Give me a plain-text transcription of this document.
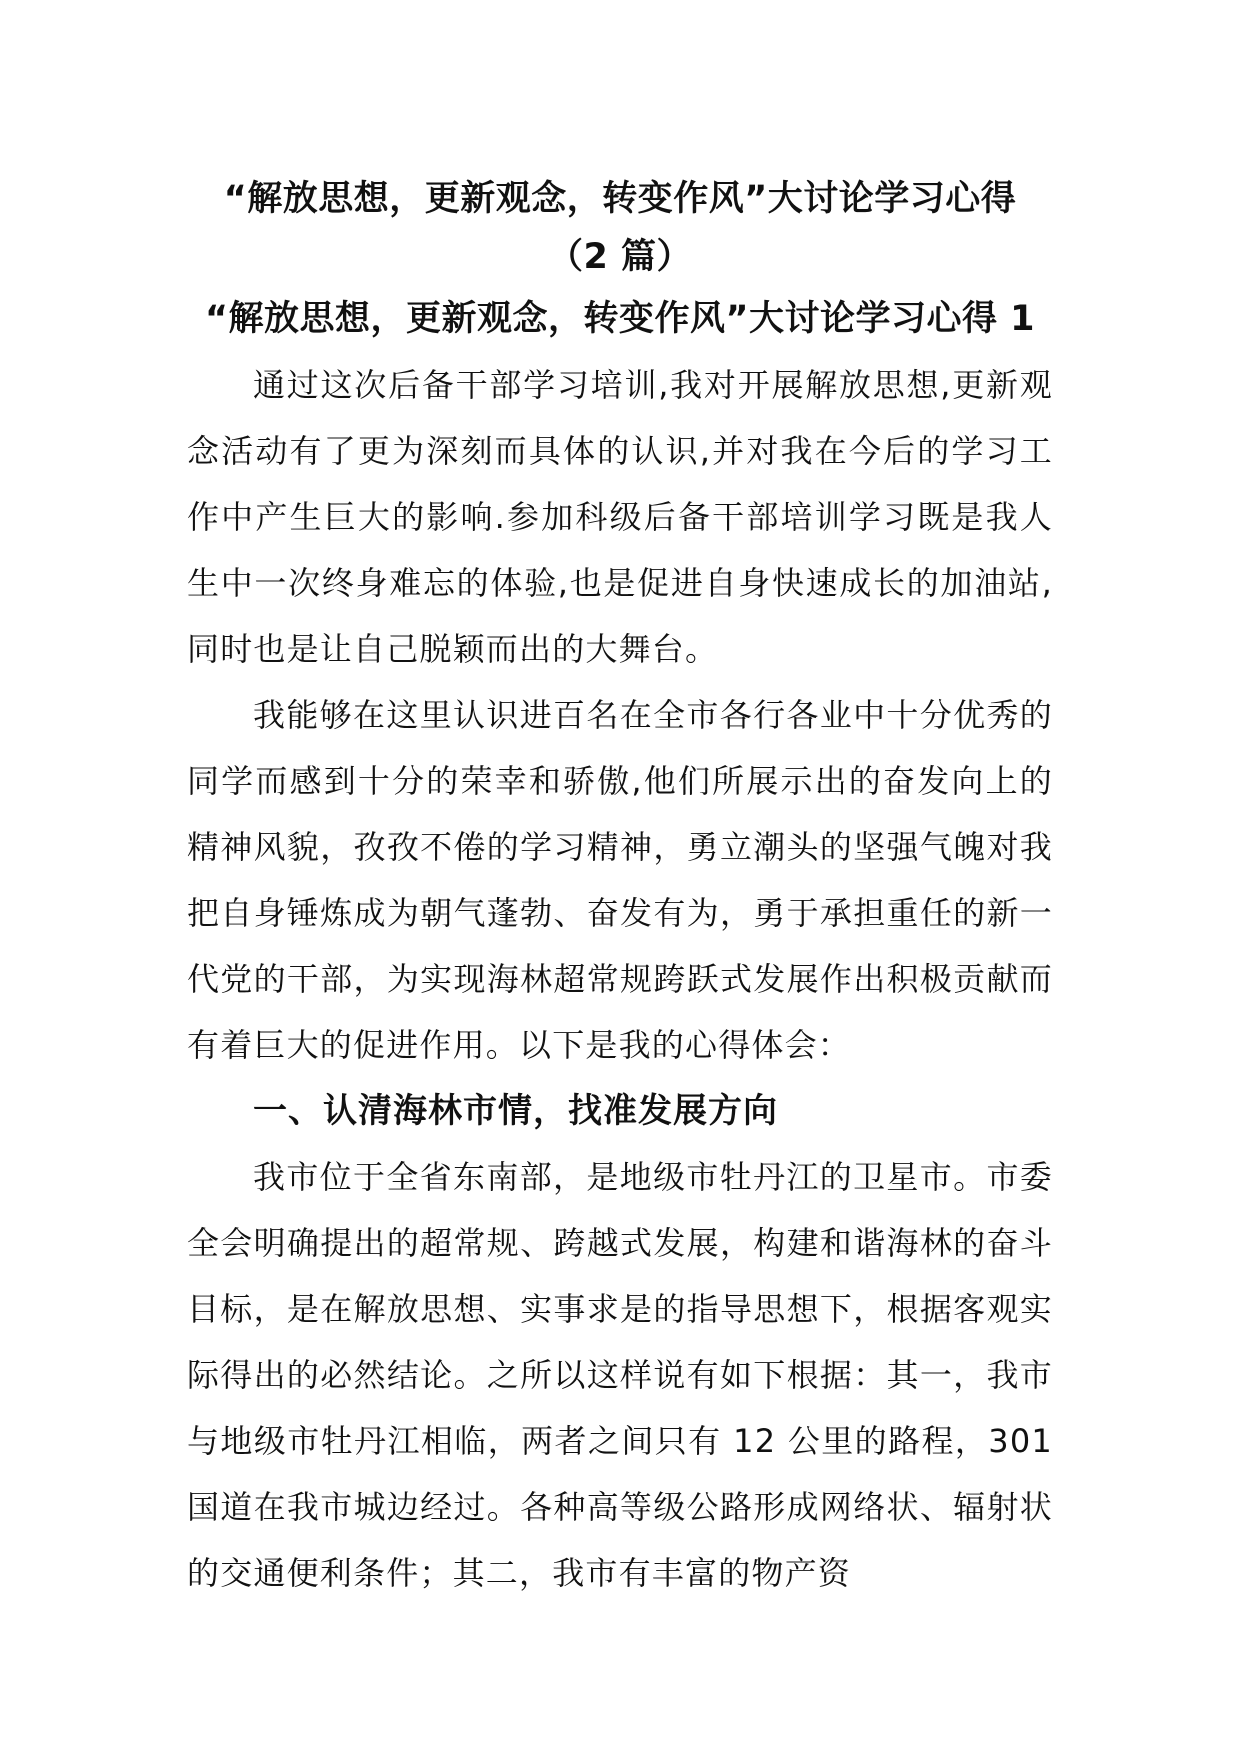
“解放思想，更新观念，转变作风”大讨论学习心得
（2 篇）
“解放思想，更新观念，转变作风”大讨论学习心得 1

通过这次后备干部学习培训,我对开展解放思想,更新观念活动有了更为深刻而具体的认识,并对我在今后的学习工作中产生巨大的影响.参加科级后备干部培训学习既是我人生中一次终身难忘的体验,也是促进自身快速成长的加油站,同时也是让自己脱颖而出的大舞台。

我能够在这里认识进百名在全市各行各业中十分优秀的同学而感到十分的荣幸和骄傲,他们所展示出的奋发向上的精神风貌，孜孜不倦的学习精神，勇立潮头的坚强气魄对我把自身锤炼成为朝气蓬勃、奋发有为，勇于承担重任的新一代党的干部，为实现海林超常规跨跃式发展作出积极贡献而有着巨大的促进作用。以下是我的心得体会：

一、认清海林市情，找准发展方向

我市位于全省东南部，是地级市牡丹江的卫星市。市委全会明确提出的超常规、跨越式发展，构建和谐海林的奋斗目标，是在解放思想、实事求是的指导思想下，根据客观实际得出的必然结论。之所以这样说有如下根据：其一，我市与地级市牡丹江相临，两者之间只有 12 公里的路程，301 国道在我市城边经过。各种高等级公路形成网络状、辐射状的交通便利条件；其二，我市有丰富的物产资
